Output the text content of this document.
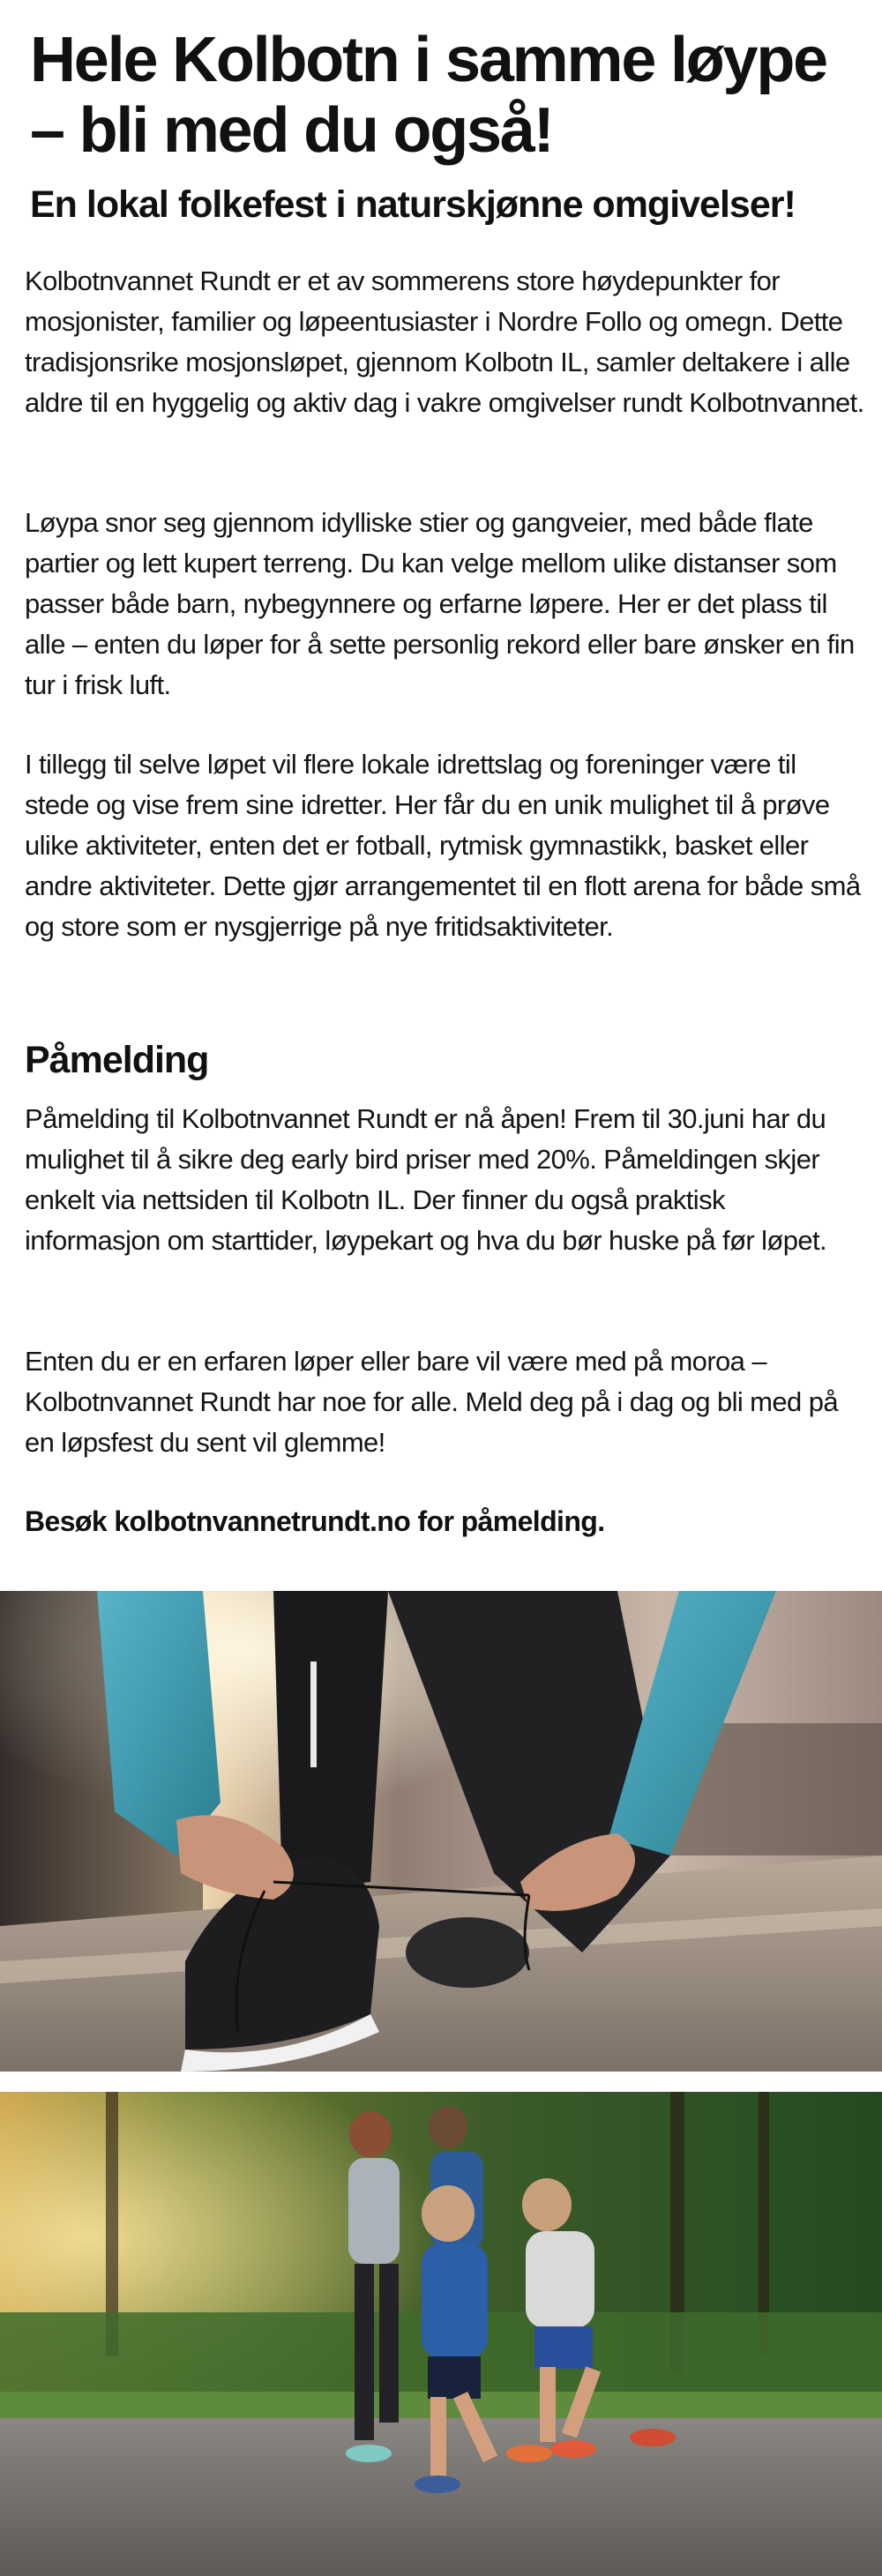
Hele Kolbotn i samme løype – bli med du også!
En lokal folkefest i naturskjønne omgivelser!

Kolbotnvannet Rundt er et av sommerens store høydepunkter for mosjonister, familier og løpeentusiaster i Nordre Follo og omegn. Dette tradisjonsrike mosjonsløpet, gjennom Kolbotn IL, samler deltakere i alle aldre til en hyggelig og aktiv dag i vakre omgivelser rundt Kolbotnvannet.

Løypa snor seg gjennom idylliske stier og gangveier, med både flate partier og lett kupert terreng. Du kan velge mellom ulike distanser som passer både barn, nybegynnere og erfarne løpere. Her er det plass til alle – enten du løper for å sette personlig rekord eller bare ønsker en fin tur i frisk luft.

I tillegg til selve løpet vil flere lokale idrettslag og foreninger være til stede og vise frem sine idretter. Her får du en unik mulighet til å prøve ulike aktiviteter, enten det er fotball, rytmisk gymnastikk, basket eller andre aktiviteter. Dette gjør arrangementet til en flott arena for både små og store som er nysgjerrige på nye fritidsaktiviteter.

Påmelding

Påmelding til Kolbotnvannet Rundt er nå åpen! Frem til 30.juni har du mulighet til å sikre deg early bird priser med 20%. Påmeldingen skjer enkelt via nettsiden til Kolbotn IL. Der finner du også praktisk informasjon om starttider, løypekart og hva du bør huske på før løpet.

Enten du er en erfaren løper eller bare vil være med på moroa – Kolbotnvannet Rundt har noe for alle. Meld deg på i dag og bli med på en løpsfest du sent vil glemme!

Besøk kolbotnvannetrundt.no for påmelding.
